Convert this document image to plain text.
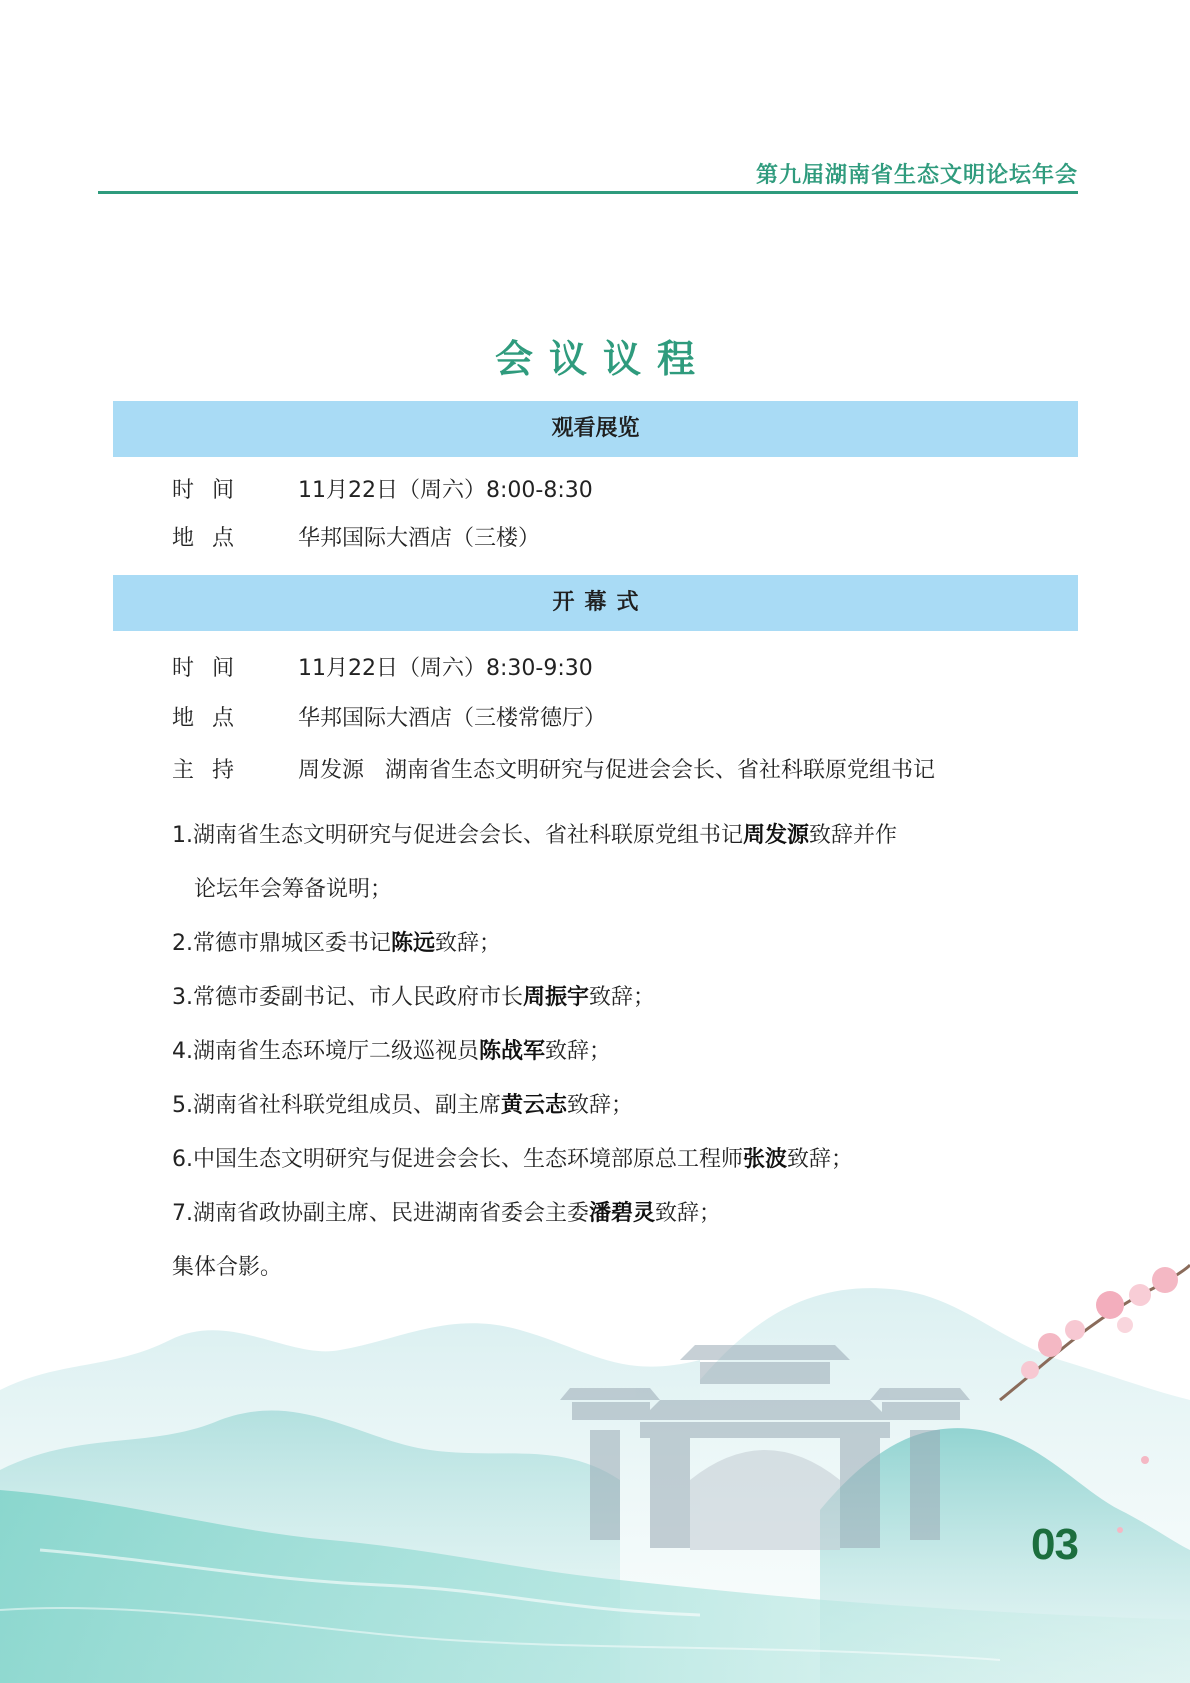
第九届湖南省生态文明论坛年会
会议议程
观看展览
时间 11月22日（周六）8:00-8:30
地点 华邦国际大酒店（三楼）
开幕式
时间 11月22日（周六）8:30-9:30
地点 华邦国际大酒店（三楼常德厅）
主持 周发源   湖南省生态文明研究与促进会会长、省社科联原党组书记
1.湖南省生态文明研究与促进会会长、省社科联原党组书记周发源致辞并作
论坛年会筹备说明；
2.常德市鼎城区委书记陈远致辞；
3.常德市委副书记、市人民政府市长周振宇致辞；
4.湖南省生态环境厅二级巡视员陈战军致辞；
5.湖南省社科联党组成员、副主席黄云志致辞；
6.中国生态文明研究与促进会会长、生态环境部原总工程师张波致辞；
7.湖南省政协副主席、民进湖南省委会主委潘碧灵致辞；
集体合影。
03
